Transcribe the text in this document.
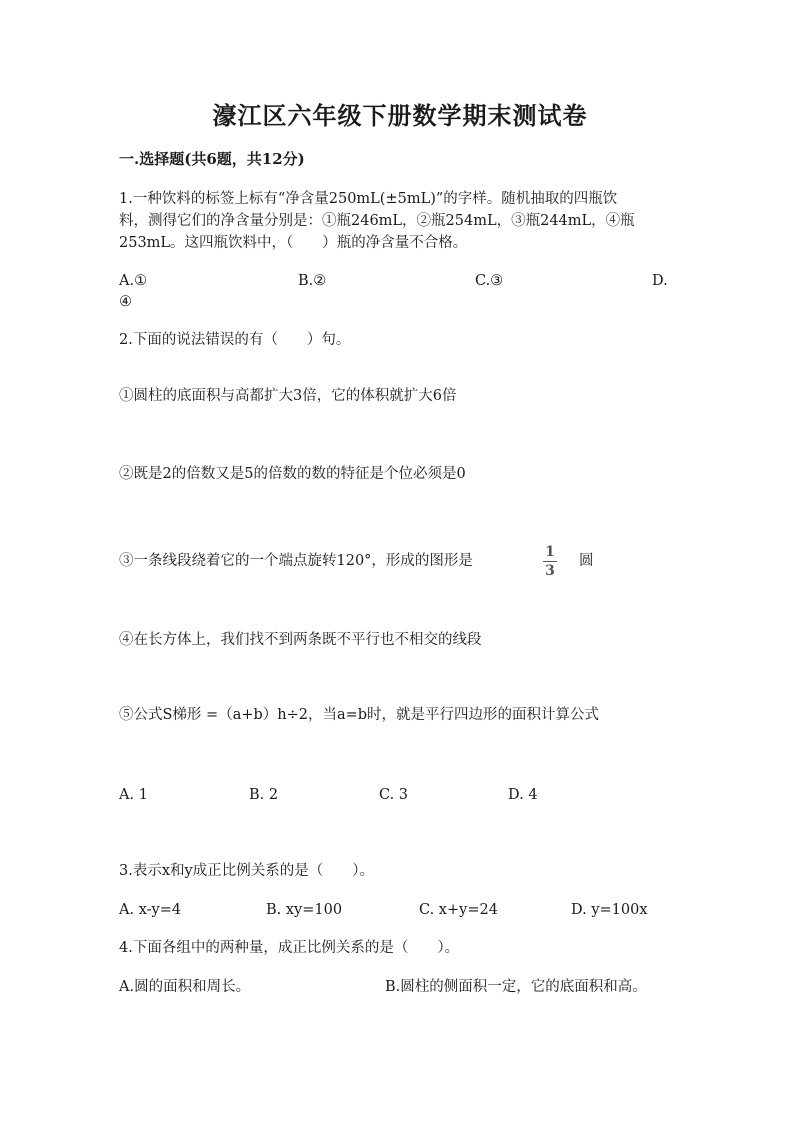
濠江区六年级下册数学期末测试卷
一.选择题(共6题，共12分)
1.一种饮料的标签上标有“净含量250mL(±5mL)”的字样。随机抽取的四瓶饮
料，测得它们的净含量分别是：①瓶246mL，②瓶254mL，③瓶244mL，④瓶
253mL。这四瓶饮料中，（　　）瓶的净含量不合格。
A.①	B.②	C.③	D.
④
2.下面的说法错误的有（　　）句。
①圆柱的底面积与高都扩大3倍，它的体积就扩大6倍
②既是2的倍数又是5的倍数的数的特征是个位必须是0
③一条线段绕着它的一个端点旋转120°，形成的图形是
1
3
圆
④在长方体上，我们找不到两条既不平行也不相交的线段
⑤公式S梯形 =（a+b）h÷2，当a=b时，就是平行四边形的面积计算公式
A. 1	B. 2	C. 3	D. 4
3.表示x和y成正比例关系的是（　　）。
A. x-y=4	B. xy=100	C. x+y=24	D. y=100x
4.下面各组中的两种量，成正比例关系的是（　　）。
A.圆的面积和周长。	B.圆柱的侧面积一定，它的底面积和高。
